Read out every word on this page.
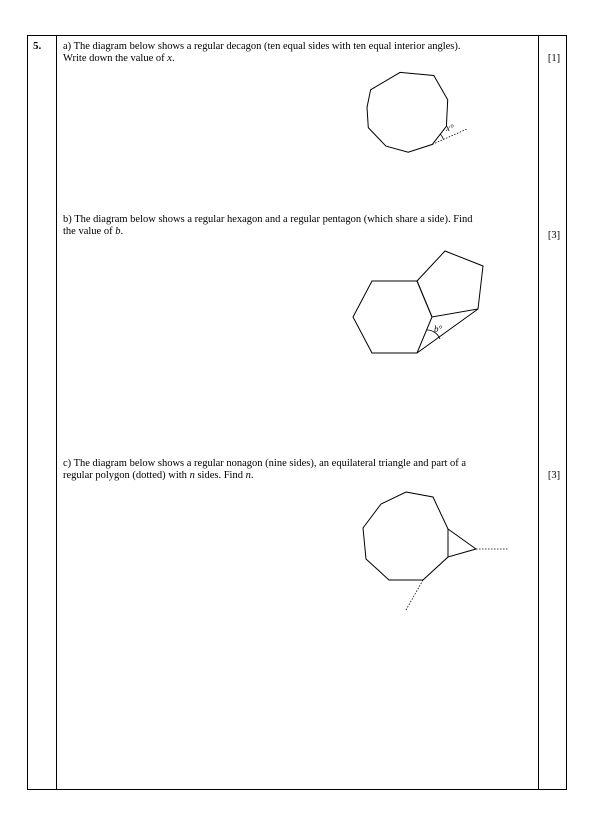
5. a) The diagram below shows a regular decagon (ten equal sides with ten equal interior angles).
Write down the value of x.	[1]
b) The diagram below shows a regular hexagon and a regular pentagon (which share a side). Find
the value of b.	[3]
c) The diagram below shows a regular nonagon (nine sides), an equilateral triangle and part of a
regular polygon (dotted) with n sides. Find n.	[3]
x°
b°
